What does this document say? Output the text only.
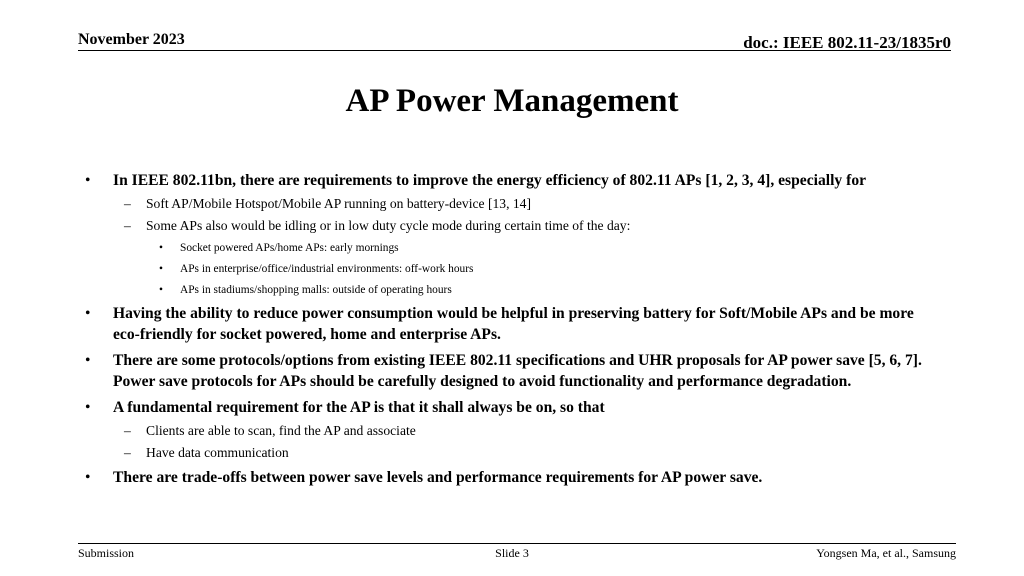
November 2023	doc.: IEEE 802.11-23/1835r0
AP Power Management
• In IEEE 802.11bn, there are requirements to improve the energy efficiency of 802.11 APs [1, 2, 3, 4], especially for
– Soft AP/Mobile Hotspot/Mobile AP running on battery-device [13, 14]
– Some APs also would be idling or in low duty cycle mode during certain time of the day:
• Socket powered APs/home APs: early mornings
• APs in enterprise/office/industrial environments: off-work hours
• APs in stadiums/shopping malls: outside of operating hours
• Having the ability to reduce power consumption would be helpful in preserving battery for Soft/Mobile APs and be more eco-friendly for socket powered, home and enterprise APs.
• There are some protocols/options from existing IEEE 802.11 specifications and UHR proposals for AP power save [5, 6, 7]. Power save protocols for APs should be carefully designed to avoid functionality and performance degradation.
• A fundamental requirement for the AP is that it shall always be on, so that
– Clients are able to scan, find the AP and associate
– Have data communication
• There are trade-offs between power save levels and performance requirements for AP power save.
Submission	Slide 3	Yongsen Ma, et al., Samsung
